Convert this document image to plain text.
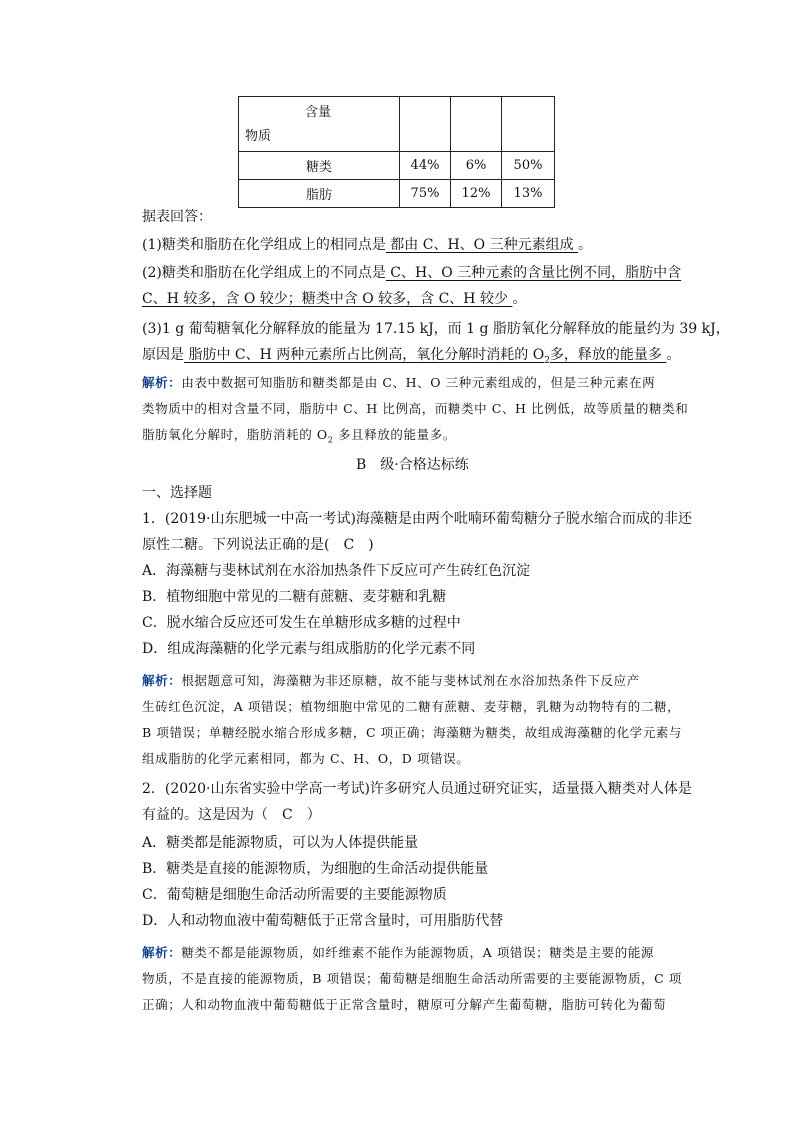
含量
物质			

糖类	44%	6%	50%
脂肪	75%	12%	13%
据表回答：
(1)糖类和脂肪在化学组成上的相同点是 都由 C、H、O 三种元素组成 。
(2)糖类和脂肪在化学组成上的不同点是 C、H、O 三种元素的含量比例不同，脂肪中含
C、H 较多，含 O 较少；糖类中含 O 较多，含 C、H 较少 。
(3)1 g 葡萄糖氧化分解释放的能量为 17.15 kJ，而 1 g 脂肪氧化分解释放的能量约为 39 kJ，
原因是 脂肪中 C、H 两种元素所占比例高，氧化分解时消耗的 $O_2$多，释放的能量多 。
解析：由表中数据可知脂肪和糖类都是由 C、H、O 三种元素组成的，但是三种元素在两
类物质中的相对含量不同，脂肪中 C、H 比例高，而糖类中 C、H 比例低，故等质量的糖类和
脂肪氧化分解时，脂肪消耗的 $O_2$ 多且释放的能量多。
B　级·合格达标练
一、选择题
1．(2019·山东肥城一中高一考试)海藻糖是由两个吡喃环葡萄糖分子脱水缩合而成的非还
原性二糖。下列说法正确的是(　C　)
A．海藻糖与斐林试剂在水浴加热条件下反应可产生砖红色沉淀
B．植物细胞中常见的二糖有蔗糖、麦芽糖和乳糖
C．脱水缩合反应还可发生在单糖形成多糖的过程中
D．组成海藻糖的化学元素与组成脂肪的化学元素不同
解析：根据题意可知，海藻糖为非还原糖，故不能与斐林试剂在水浴加热条件下反应产
生砖红色沉淀，A 项错误；植物细胞中常见的二糖有蔗糖、麦芽糖，乳糖为动物特有的二糖，
B 项错误；单糖经脱水缩合形成多糖，C 项正确；海藻糖为糖类，故组成海藻糖的化学元素与
组成脂肪的化学元素相同，都为 C、H、O，D 项错误。
2．(2020·山东省实验中学高一考试)许多研究人员通过研究证实，适量摄入糖类对人体是
有益的。这是因为（　C　）
A．糖类都是能源物质，可以为人体提供能量
B．糖类是直接的能源物质，为细胞的生命活动提供能量
C．葡萄糖是细胞生命活动所需要的主要能源物质
D．人和动物血液中葡萄糖低于正常含量时，可用脂肪代替
解析：糖类不都是能源物质，如纤维素不能作为能源物质，A 项错误；糖类是主要的能源
物质，不是直接的能源物质，B 项错误；葡萄糖是细胞生命活动所需要的主要能源物质，C 项
正确；人和动物血液中葡萄糖低于正常含量时，糖原可分解产生葡萄糖，脂肪可转化为葡萄
